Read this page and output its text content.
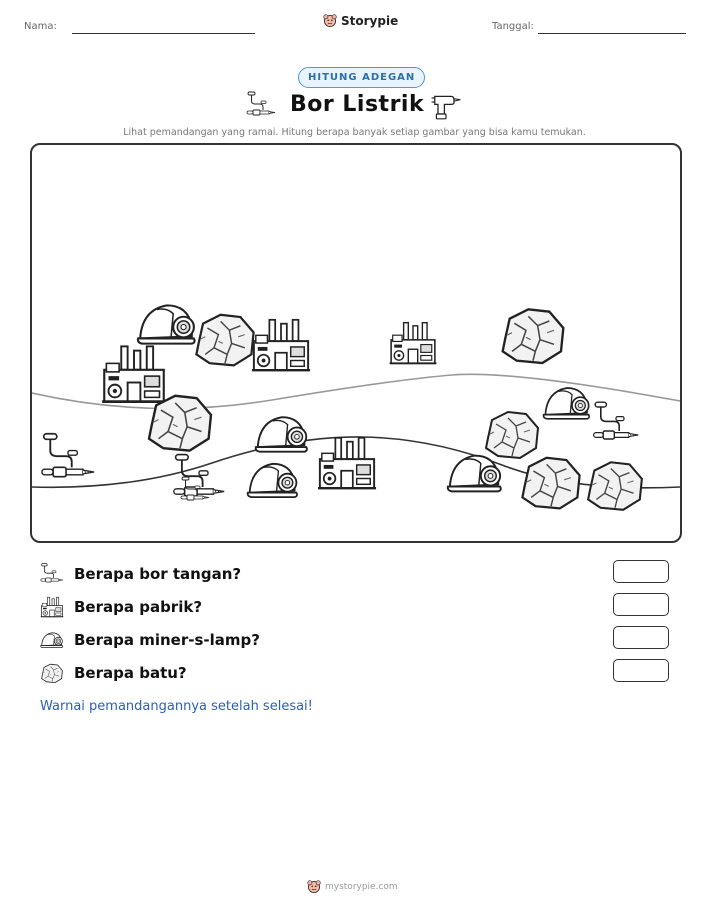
Nama:	Storypie	Tanggal:
HITUNG ADEGAN
Bor Listrik
Lihat pemandangan yang ramai. Hitung berapa banyak setiap gambar yang bisa kamu temukan.
Berapa bor tangan?
Berapa pabrik?
Berapa miner-s-lamp?
Berapa batu?
Warnai pemandangannya setelah selesai!
mystorypie.com
